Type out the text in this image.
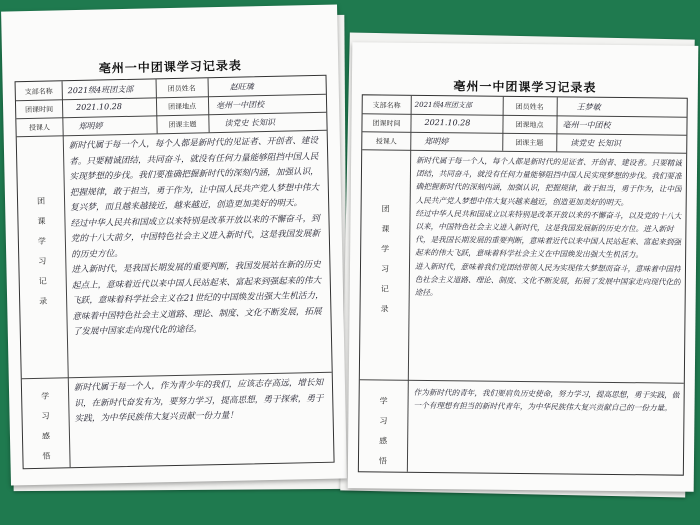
亳州一中团课学习记录表
支部名称
团课时间
授课人
团员姓名
团课地点
团课主题
2021级4班团支部
2021.10.28
郑明婷
赵旺璘
亳州一中团校
读党史 长知识
团课学习记录
学习感悟
新时代属于每一个人，每个人都是新时代的见证者、开创者、建设者。只要精诚团结，共同奋斗，就没有任何力量能够阻挡中国人民实现梦想的步伐。我们要准确把握新时代的深刻内涵，加强认识，把握规律，敢于担当，勇于作为，让中国人民共产党人梦想中伟大复兴梦，而且越来越接近，越来越近，创造更加美好的明天。
经过中华人民共和国成立以来特别是改革开放以来的不懈奋斗，到党的十八大前夕，中国特色社会主义进入新时代，这是我国发展新的历史方位。
进入新时代，是我国长期发展的重要判断，我国发展站在新的历史起点上，意味着近代以来中国人民站起来、富起来到强起来的伟大飞跃，意味着科学社会主义在21世纪的中国焕发出强大生机活力，意味着中国特色社会主义道路、理论、制度、文化不断发展，拓展了发展中国家走向现代化的途径。
新时代属于每一个人，作为青少年的我们，应该志存高远，增长知识，在新时代奋发有为，要努力学习，提高思想，勇于探索，勇于实践，为中华民族伟大复兴贡献一份力量！
亳州一中团课学习记录表
支部名称
团课时间
授课人
团员姓名
团课地点
团课主题
2021级4班团支部
2021.10.28
郑明婷
王梦敏
亳州一中团校
读党史 长知识
团课学习记录
学习感悟
新时代属于每一个人，每个人都是新时代的见证者、开创者、建设者。只要精诚团结，共同奋斗，就没有任何力量能够阻挡中国人民实现梦想的步伐。我们要准确把握新时代的深刻内涵，加强认识，把握规律，敢于担当，勇于作为，让中国人民共产党人梦想中伟大复兴越来越近，创造更加美好的明天。
经过中华人民共和国成立以来特别是改革开放以来的不懈奋斗，以及党的十八大以来，中国特色社会主义进入新时代，这是我国发展新的历史方位。进入新时代，是我国长期发展的重要判断，意味着近代以来中国人民站起来、富起来到强起来的伟大飞跃，意味着科学社会主义在中国焕发出强大生机活力。
进入新时代，意味着我们党团结带领人民为实现伟大梦想而奋斗，意味着中国特色社会主义道路、理论、制度、文化不断发展，拓展了发展中国家走向现代化的途径。
作为新时代的青年，我们要肩负历史使命，努力学习，提高思想，勇于实践，做一个有理想有担当的新时代青年，为中华民族伟大复兴贡献自己的一份力量。
